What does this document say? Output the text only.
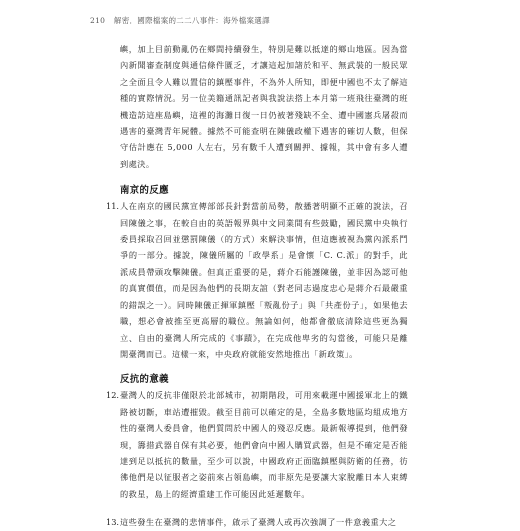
210 解密．國際檔案的二二八事件：海外檔案選譯

嶼，加上目前動亂仍在鄉間持續發生，特別是難以抵達的鄉山地區。因為當內新聞審查制度與通信條件匱乏，才讓這起加諸於和平、無武裝的一般民眾之全面且令人難以置信的鎮壓事件，不為外人所知，即便中國也不太了解這種的實際情況。另一位美籍通訊記者與我說法搭上本月第一班飛往臺灣的班機造訪這座島嶼，這裡的海灘日復一日仍被著殘缺不全、遭中國憲兵屠殺而遇害的臺灣青年屍體。據然不可能查明在陳儀政權下遇害的確切人數，但保守估計應在 5,000 人左右，另有數千人遭到關押、據報，其中會有多人遭到處決。

南京的反應
11. 人在南京的國民黨宣傳部部長針對當前局勢，散播著明顯不正確的說法，召回陳儀之事，在較自由的英語報界與中文同業間有些鼓勵，國民黨中央執行委員採取召回並懲罰陳儀（的方式）來解決事情，但這應被視為黨內派系鬥爭的一部分。據說，陳儀所屬的「政學系」是會懷「C. C.派」的對手，此派成員帶頭攻擊陳儀。但真正重要的是，蔣介石能護陳儀，並非因為認可他的真實價值，而是因為他們的長期友誼（對老同志過度忠心是蔣介石最嚴重的錯誤之一）。同時陳儀正揮軍鎮壓「叛亂份子」與「共產份子」，如果他去職，想必會被推至更高層的職位。無論如何，他都會徹底清除這些更為獨立、自由的臺灣人所完成的《事蹟》，在完成他卑劣的勾當後，可能只是離開臺灣而已。這樣一來，中央政府就能安然地推出「新政策」。

反抗的意義
12. 臺灣人的反抗非僅限於北部城市，初期階段，可用來載運中國援軍北上的鐵路被切斷，車站遭摧毀。截至目前可以確定的是，全島多數地區均組成地方性的臺灣人委員會，他們質問於中國人的殘忍反應。最新報導提到，他們發現，籌措武器自保有其必要，他們會向中國人購買武器，但是不確定是否能達到足以抵抗的數量，至少可以說，中國政府正面臨鎮壓與防衛的任務，彷彿他們是以征服者之姿前來占領島嶼，而非原先是要讓大家脫離日本人束縛的救星，島上的經濟重建工作可能因此延遲數年。

13. 這些發生在臺灣的悲情事件，啟示了臺灣人或再次強調了一件意義重大之
